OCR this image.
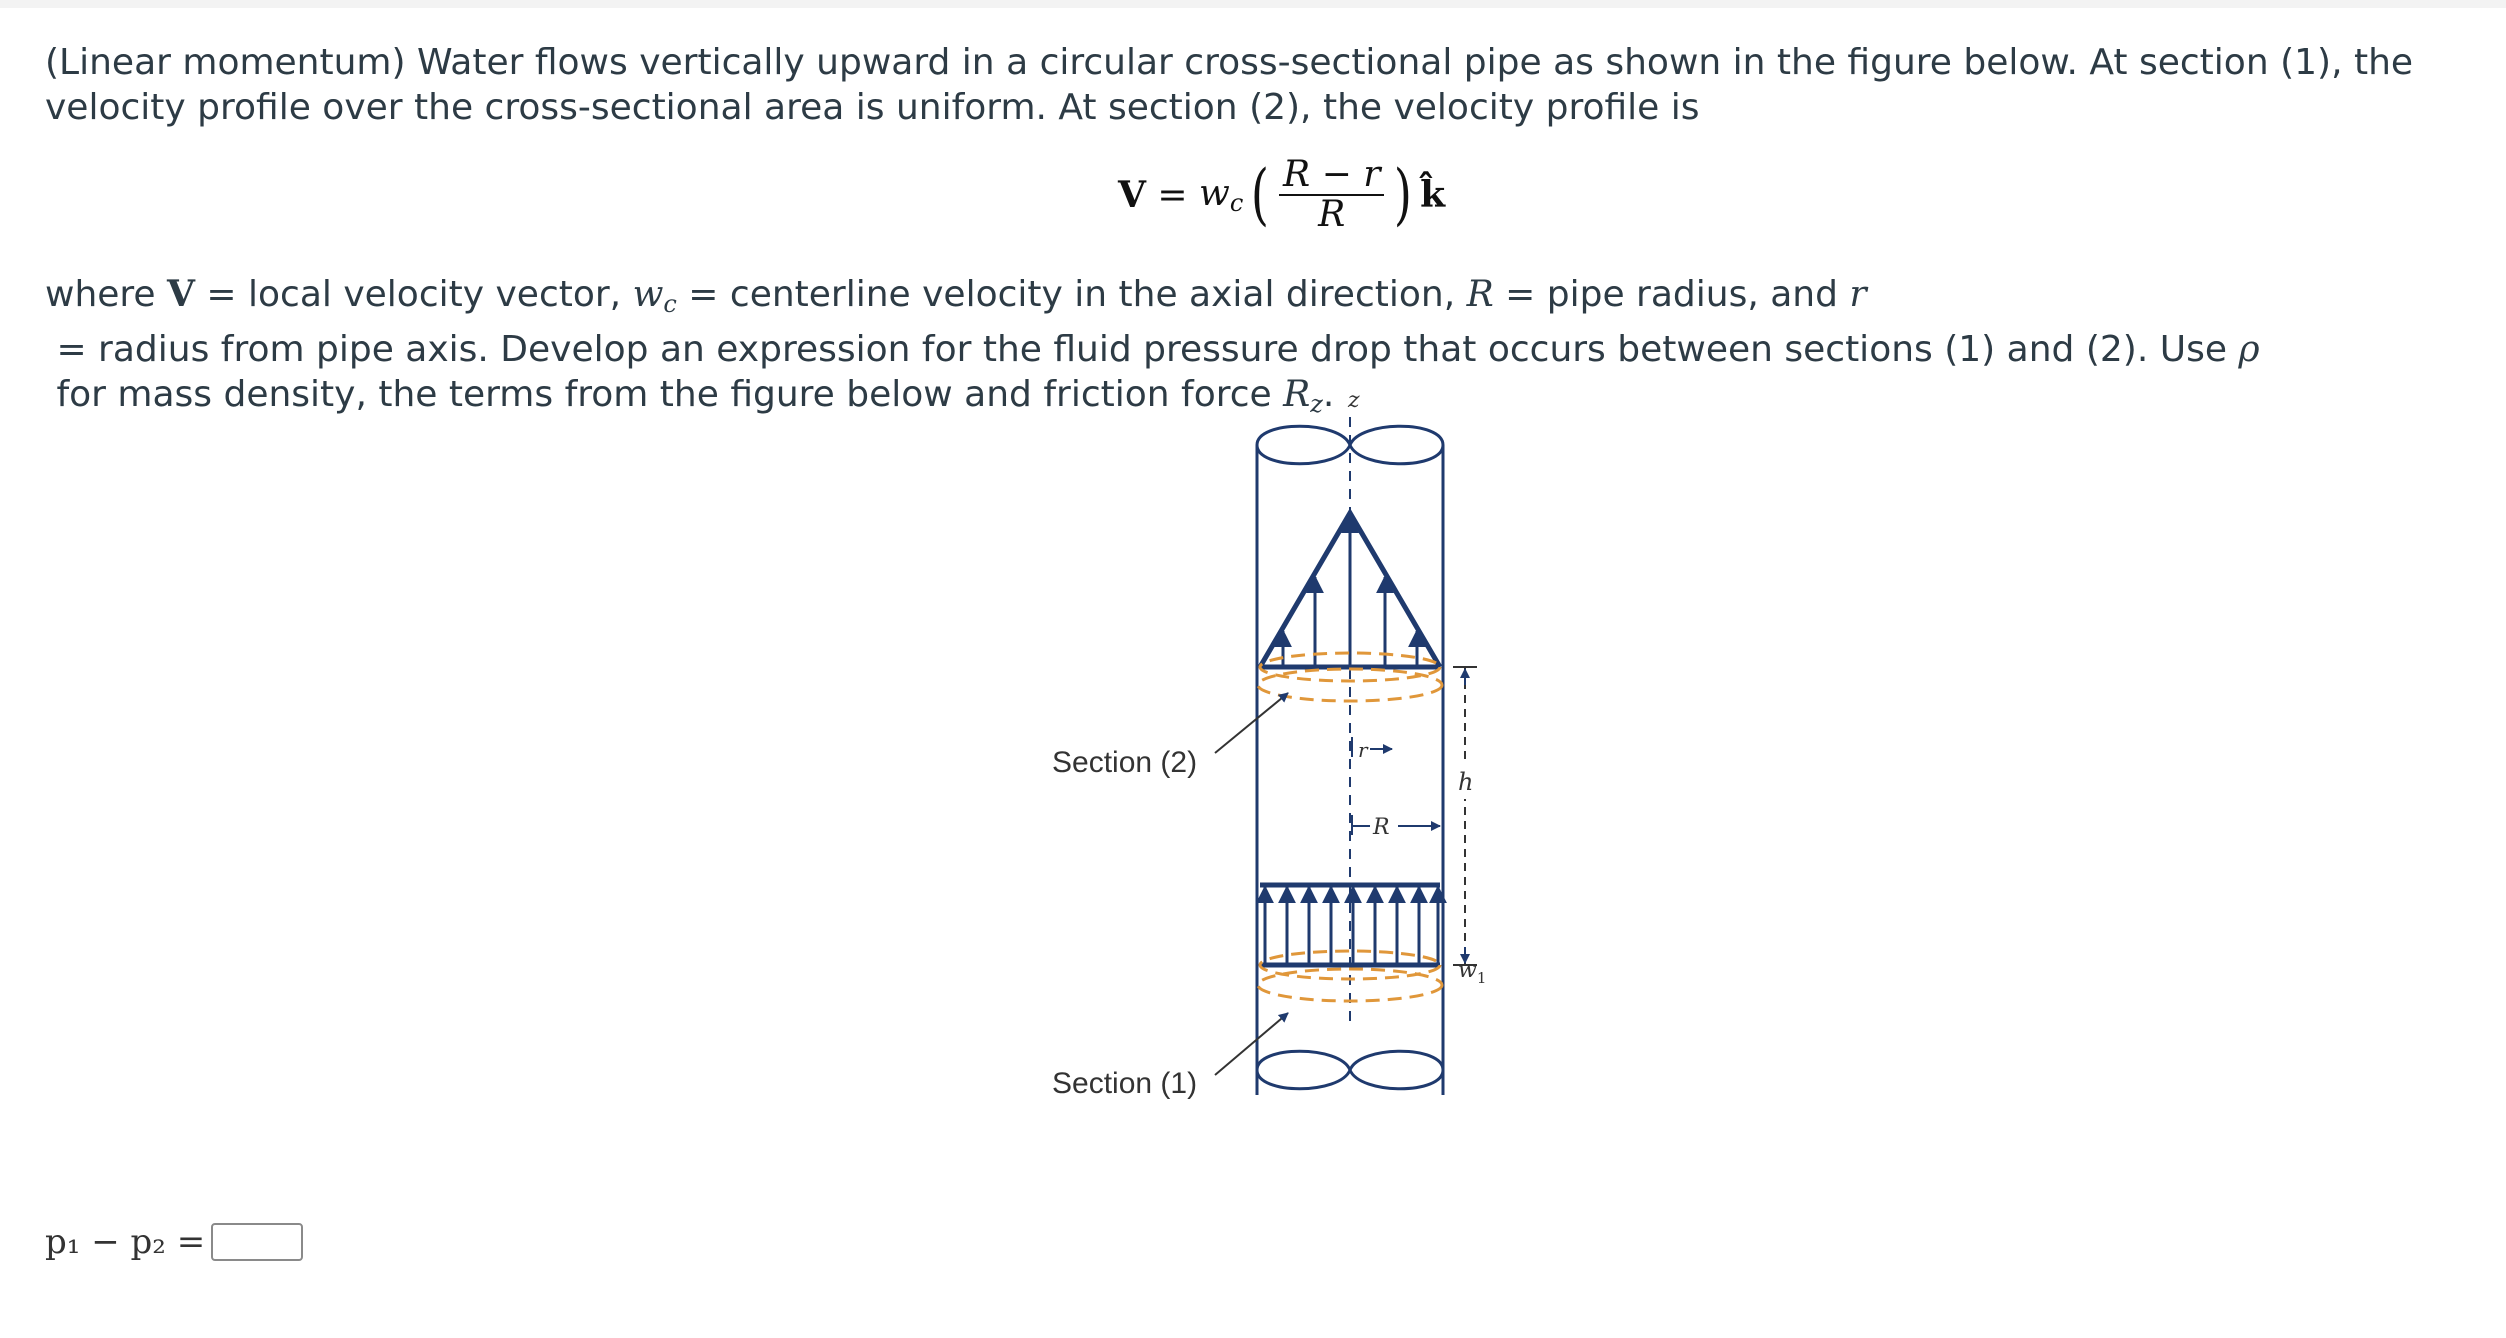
(Linear momentum) Water flows vertically upward in a circular cross-sectional pipe as shown in the figure below. At section (1), the velocity profile over the cross-sectional area is uniform. At section (2), the velocity profile is
$V = w_c$ ( $\frac{R - r}{R}$ ) k̂
where V = local velocity vector, $w_c$ = centerline velocity in the axial direction, R = pipe radius, and r = radius from pipe axis. Develop an expression for the fluid pressure drop that occurs between sections (1) and (2). Use ρ for mass density, the terms from the figure below and friction force $R_z$. z
Section (2)
Section (1)
r
R
h
$w_1$
p₁ − p₂ =
